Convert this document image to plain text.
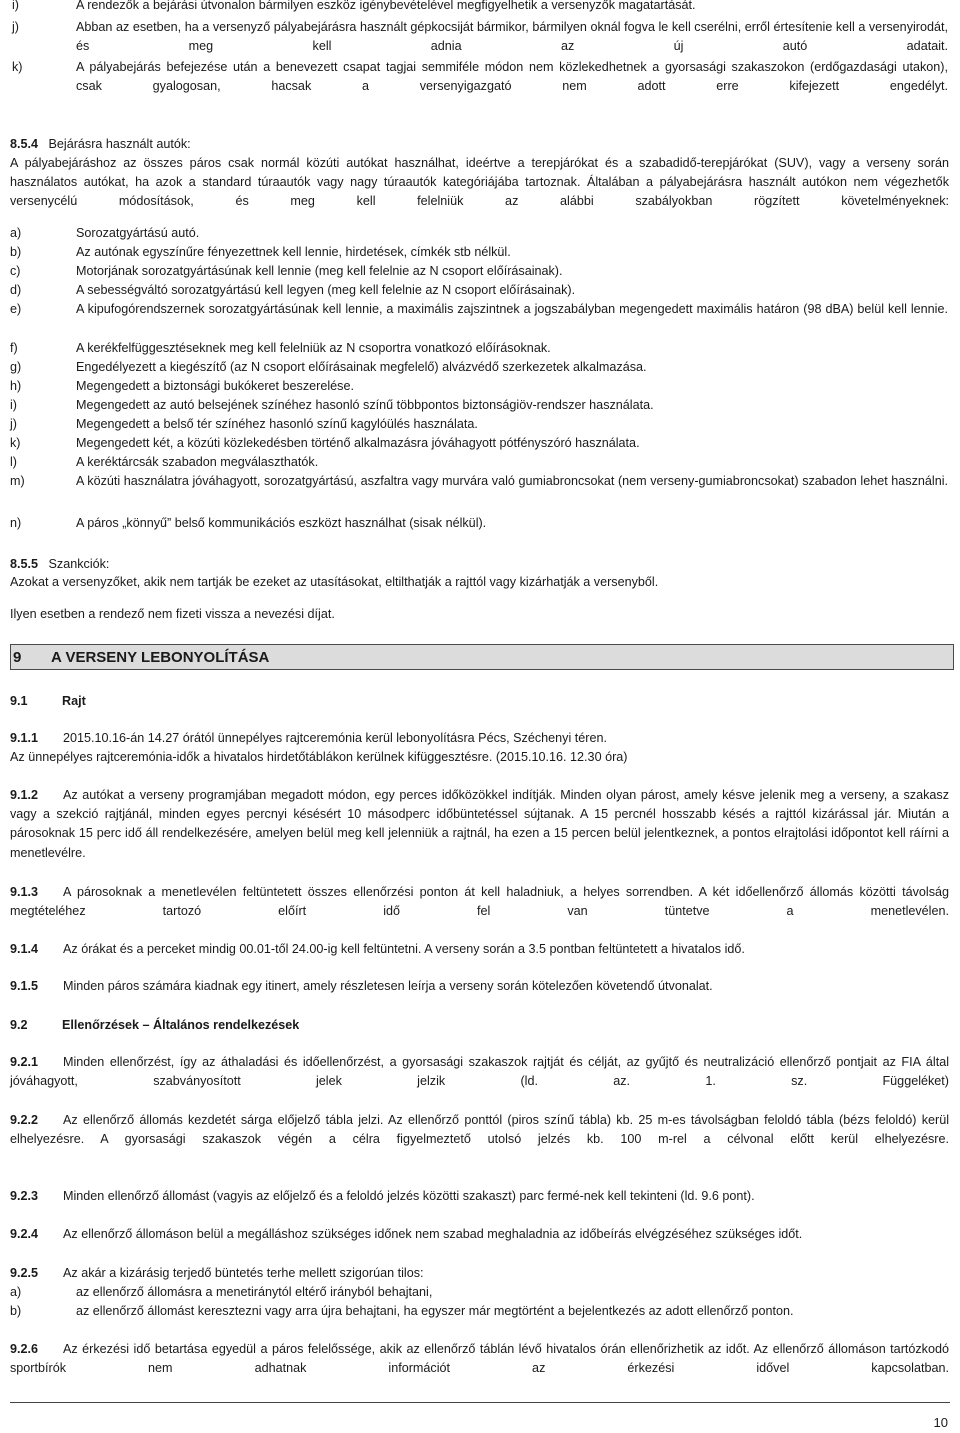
i)	A rendezők a bejárási útvonalon bármilyen eszköz igénybevételével megfigyelhetik a versenyzők magatartását.
j)	Abban az esetben, ha a versenyző pályabejárásra használt gépkocsiját bármikor, bármilyen oknál fogva le kell cserélni, erről értesítenie kell a versenyirodát, és meg kell adnia az új autó adatait.
k)	A pályabejárás befejezése után a benevezett csapat tagjai semmiféle módon nem közlekedhetnek a gyorsasági szakaszokon (erdőgazdasági utakon), csak gyalogosan, hacsak a versenyigazgató nem adott erre kifejezett engedélyt.
8.5.4 Bejárásra használt autók:
A pályabejáráshoz az összes páros csak normál közúti autókat használhat, ideértve a terepjárókat és a szabadidő-terepjárókat (SUV), vagy a verseny során használatos autókat, ha azok a standard túraautók vagy nagy túraautók kategóriájába tartoznak. Általában a pályabejárásra használt autókon nem végezhetők versenycélú módosítások, és meg kell felelniük az alábbi szabályokban rögzített követelményeknek:
a)	Sorozatgyártású autó.
b)	Az autónak egyszínűre fényezettnek kell lennie, hirdetések, címkék stb nélkül.
c)	Motorjának sorozatgyártásúnak kell lennie (meg kell felelnie az N csoport előírásainak).
d)	A sebességváltó sorozatgyártású kell legyen (meg kell felelnie az N csoport előírásainak).
e)	A kipufogórendszernek sorozatgyártásúnak kell lennie, a maximális zajszintnek a jogszabályban megengedett maximális határon (98 dBA) belül kell lennie.
f)	A kerékfelfüggesztéseknek meg kell felelniük az N csoportra vonatkozó előírásoknak.
g)	Engedélyezett a kiegészítő (az N csoport előírásainak megfelelő) alvázvédő szerkezetek alkalmazása.
h)	Megengedett a biztonsági bukókeret beszerelése.
i)	Megengedett az autó belsejének színéhez hasonló színű többpontos biztonságiöv-rendszer használata.
j)	Megengedett a belső tér színéhez hasonló színű kagylóülés használata.
k)	Megengedett két, a közúti közlekedésben történő alkalmazásra jóváhagyott pótfényszóró használata.
l)	A keréktárcsák szabadon megválaszthatók.
m)	A közúti használatra jóváhagyott, sorozatgyártású, aszfaltra vagy murvára való gumiabroncsokat (nem verseny-gumiabroncsokat) szabadon lehet használni.
n)	A páros „könnyű” belső kommunikációs eszközt használhat (sisak nélkül).
8.5.5 Szankciók:
Azokat a versenyzőket, akik nem tartják be ezeket az utasításokat, eltilthatják a rajttól vagy kizárhatják a versenyből.
Ilyen esetben a rendező nem fizeti vissza a nevezési díjat.
9 A VERSENY LEBONYOLÍTÁSA
9.1	Rajt
9.1.1 2015.10.16-án 14.27 órától ünnepélyes rajtceremónia kerül lebonyolításra Pécs, Széchenyi téren.
Az ünnepélyes rajtceremónia-idők a hivatalos hirdetőtáblákon kerülnek kifüggesztésre. (2015.10.16. 12.30 óra)
9.1.2 Az autókat a verseny programjában megadott módon, egy perces időközökkel indítják. Minden olyan párost, amely késve jelenik meg a verseny, a szakasz vagy a szekció rajtjánál, minden egyes percnyi késésért 10 másodperc időbüntetéssel sújtanak. A 15 percnél hosszabb késés a rajttól kizárással jár. Miután a párosoknak 15 perc idő áll rendelkezésére, amelyen belül meg kell jelenniük a rajtnál, ha ezen a 15 percen belül jelentkeznek, a pontos elrajtolási időpontot kell ráírni a menetlevélre.
9.1.3 A párosoknak a menetlevélen feltüntetett összes ellenőrzési ponton át kell haladniuk, a helyes sorrendben. A két időellenőrző állomás közötti távolság megtételéhez tartozó előírt idő fel van tüntetve a menetlevélen.
9.1.4 Az órákat és a perceket mindig 00.01-től 24.00-ig kell feltüntetni. A verseny során a 3.5 pontban feltüntetett a hivatalos idő.
9.1.5 Minden páros számára kiadnak egy itinert, amely részletesen leírja a verseny során kötelezően követendő útvonalat.
9.2	Ellenőrzések – Általános rendelkezések
9.2.1 Minden ellenőrzést, így az áthaladási és időellenőrzést, a gyorsasági szakaszok rajtját és célját, az gyűjtő és neutralizáció ellenőrző pontjait az FIA által jóváhagyott, szabványosított jelek jelzik (ld. az. 1. sz. Függeléket)
9.2.2 Az ellenőrző állomás kezdetét sárga előjelző tábla jelzi. Az ellenőrző ponttól (piros színű tábla) kb. 25 m-es távolságban feloldó tábla (bézs feloldó) kerül elhelyezésre. A gyorsasági szakaszok végén a célra figyelmeztető utolsó jelzés kb. 100 m-rel a célvonal előtt kerül elhelyezésre.
9.2.3 Minden ellenőrző állomást (vagyis az előjelző és a feloldó jelzés közötti szakaszt) parc fermé-nek kell tekinteni (ld. 9.6 pont).
9.2.4 Az ellenőrző állomáson belül a megálláshoz szükséges időnek nem szabad meghaladnia az időbeírás elvégzéséhez szükséges időt.
9.2.5 Az akár a kizárásig terjedő büntetés terhe mellett szigorúan tilos:
a)	az ellenőrző állomásra a menetiránytól eltérő irányból behajtani,
b)	az ellenőrző állomást keresztezni vagy arra újra behajtani, ha egyszer már megtörtént a bejelentkezés az adott ellenőrző ponton.
9.2.6 Az érkezési idő betartása egyedül a páros felelőssége, akik az ellenőrző táblán lévő hivatalos órán ellenőrizhetik az időt. Az ellenőrző állomáson tartózkodó sportbírók nem adhatnak információt az érkezési idővel kapcsolatban.
10
